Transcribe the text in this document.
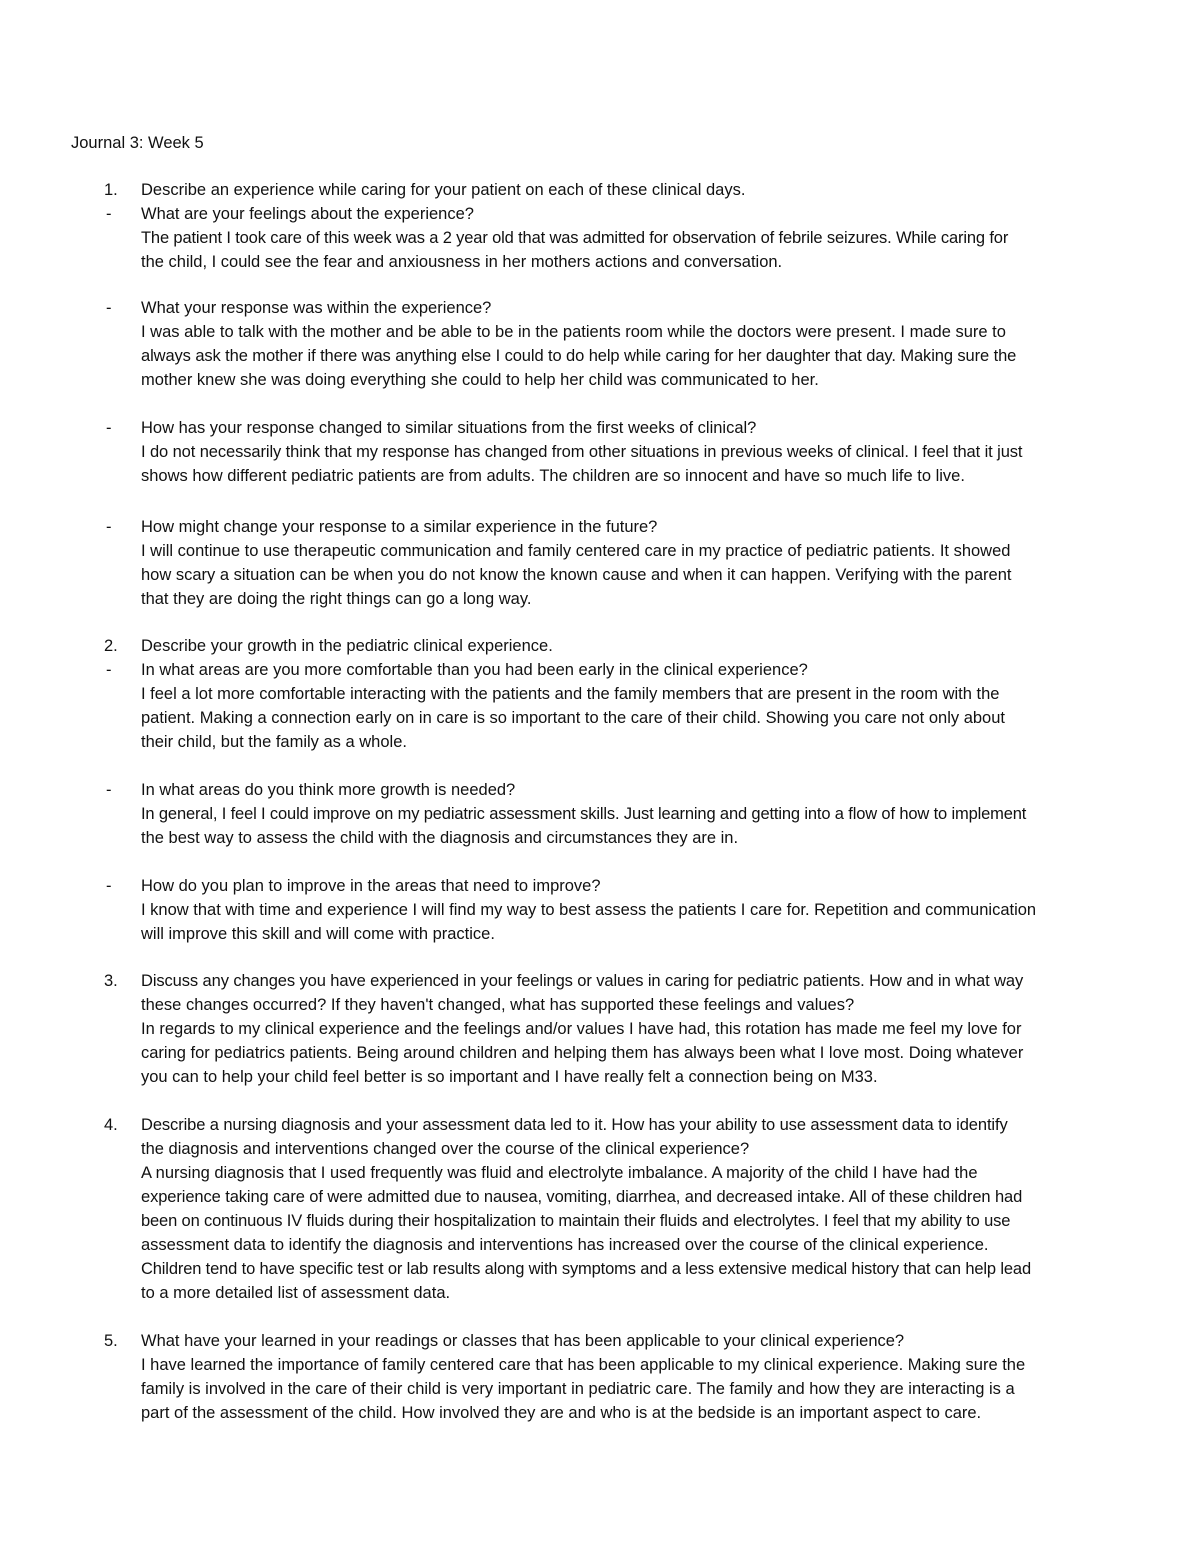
Journal 3: Week 5
1. Describe an experience while caring for your patient on each of these clinical days.
- What are your feelings about the experience?
The patient I took care of this week was a 2 year old that was admitted for observation of febrile seizures. While caring for
the child, I could see the fear and anxiousness in her mothers actions and conversation.
- What your response was within the experience?
I was able to talk with the mother and be able to be in the patients room while the doctors were present. I made sure to
always ask the mother if there was anything else I could to do help while caring for her daughter that day. Making sure the
mother knew she was doing everything she could to help her child was communicated to her.
- How has your response changed to similar situations from the first weeks of clinical?
I do not necessarily think that my response has changed from other situations in previous weeks of clinical. I feel that it just
shows how different pediatric patients are from adults. The children are so innocent and have so much life to live.
- How might change your response to a similar experience in the future?
I will continue to use therapeutic communication and family centered care in my practice of pediatric patients. It showed
how scary a situation can be when you do not know the known cause and when it can happen. Verifying with the parent
that they are doing the right things can go a long way.
2. Describe your growth in the pediatric clinical experience.
- In what areas are you more comfortable than you had been early in the clinical experience?
I feel a lot more comfortable interacting with the patients and the family members that are present in the room with the
patient. Making a connection early on in care is so important to the care of their child. Showing you care not only about
their child, but the family as a whole.
- In what areas do you think more growth is needed?
In general, I feel I could improve on my pediatric assessment skills. Just learning and getting into a flow of how to implement
the best way to assess the child with the diagnosis and circumstances they are in.
- How do you plan to improve in the areas that need to improve?
I know that with time and experience I will find my way to best assess the patients I care for. Repetition and communication
will improve this skill and will come with practice.
3. Discuss any changes you have experienced in your feelings or values in caring for pediatric patients. How and in what way
these changes occurred? If they haven't changed, what has supported these feelings and values?
In regards to my clinical experience and the feelings and/or values I have had, this rotation has made me feel my love for
caring for pediatrics patients. Being around children and helping them has always been what I love most. Doing whatever
you can to help your child feel better is so important and I have really felt a connection being on M33.
4. Describe a nursing diagnosis and your assessment data led to it. How has your ability to use assessment data to identify
the diagnosis and interventions changed over the course of the clinical experience?
A nursing diagnosis that I used frequently was fluid and electrolyte imbalance. A majority of the child I have had the
experience taking care of were admitted due to nausea, vomiting, diarrhea, and decreased intake. All of these children had
been on continuous IV fluids during their hospitalization to maintain their fluids and electrolytes. I feel that my ability to use
assessment data to identify the diagnosis and interventions has increased over the course of the clinical experience.
Children tend to have specific test or lab results along with symptoms and a less extensive medical history that can help lead
to a more detailed list of assessment data.
5. What have your learned in your readings or classes that has been applicable to your clinical experience?
I have learned the importance of family centered care that has been applicable to my clinical experience. Making sure the
family is involved in the care of their child is very important in pediatric care. The family and how they are interacting is a
part of the assessment of the child. How involved they are and who is at the bedside is an important aspect to care.
